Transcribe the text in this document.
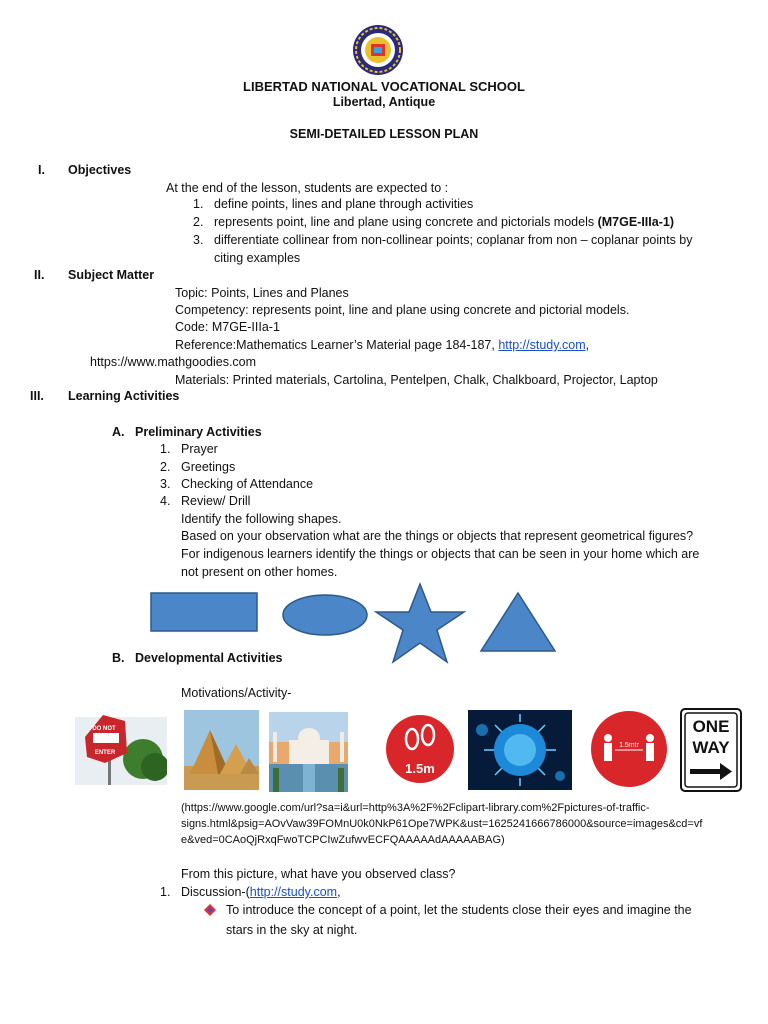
LIBERTAD NATIONAL VOCATIONAL SCHOOL
Libertad, Antique
SEMI-DETAILED LESSON PLAN
I. Objectives
At the end of the lesson, students are expected to :
1. define points, lines and plane through activities
2. represents point, line and plane using concrete and pictorials models (M7GE-IIIa-1)
3. differentiate collinear from non-collinear points; coplanar from non – coplanar points by
citing examples
II. Subject Matter
Topic: Points, Lines and Planes
Competency: represents point, line and plane using concrete and pictorial models.
Code: M7GE-IIIa-1
Reference:Mathematics Learner’s Material page 184-187, http://study.com,
https://www.mathgoodies.com
Materials: Printed materials, Cartolina, Pentelpen, Chalk, Chalkboard, Projector, Laptop
III. Learning Activities
A. Preliminary Activities
1. Prayer
2. Greetings
3. Checking of Attendance
4. Review/ Drill
Identify the following shapes.
Based on your observation what are the things or objects that represent geometrical figures?
For indigenous learners identify the things or objects that can be seen in your home which are
not present on other homes.
B. Developmental Activities
Motivations/Activity-
DO NOT
ENTER
1.5m
1.5mtr
ONE
WAY
(https://www.google.com/url?sa=i&url=http%3A%2F%2Fclipart-library.com%2Fpictures-of-traffic-
signs.html&psig=AOvVaw39FOMnU0k0NkP61Ope7WPK&ust=1625241666786000&source=images&cd=vf
e&ved=0CAoQjRxqFwoTCPCIwZufwvECFQAAAAAdAAAAABAG)
From this picture, what have you observed class?
1. Discussion-(http://study.com,
To introduce the concept of a point, let the students close their eyes and imagine the
stars in the sky at night.
